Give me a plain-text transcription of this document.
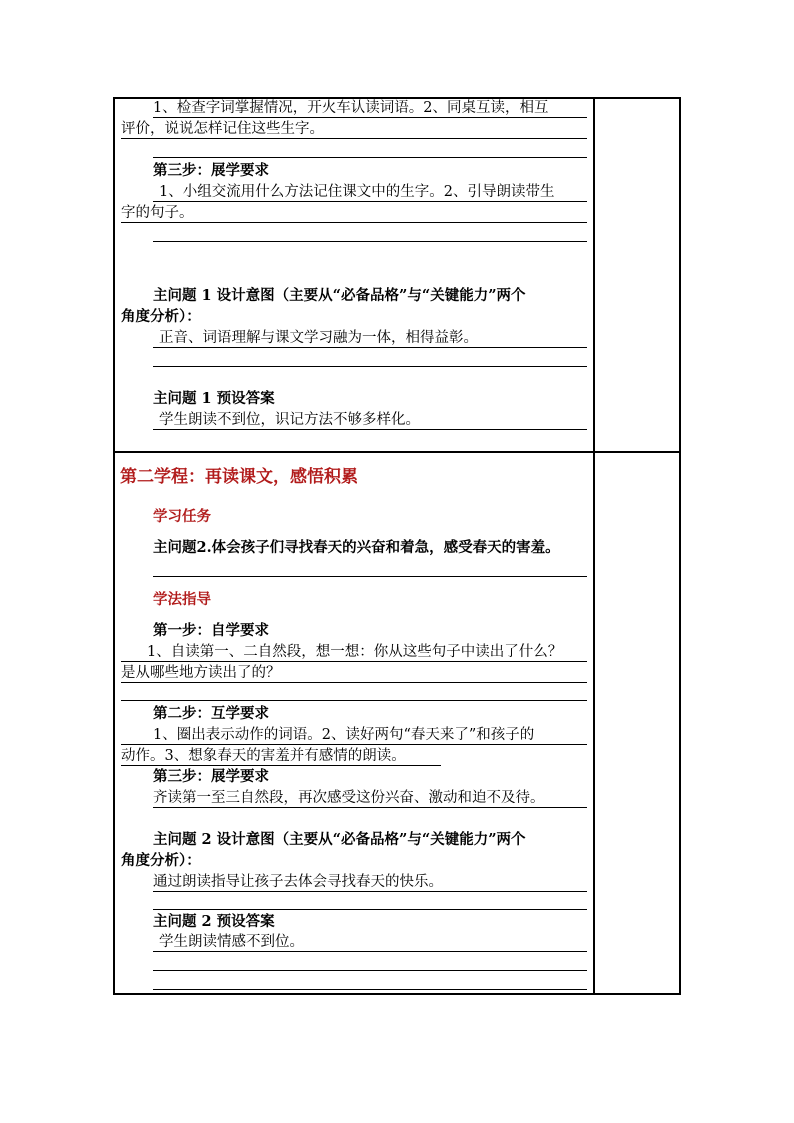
1、检查字词掌握情况，开火车认读词语。2、同桌互读，相互
评价，说说怎样记住这些生字。
第三步：展学要求
1、小组交流用什么方法记住课文中的生字。2、引导朗读带生
字的句子。
主问题 1 设计意图（主要从“必备品格”与“关键能力”两个
角度分析）：
正音、词语理解与课文学习融为一体，相得益彰。
主问题 1 预设答案
学生朗读不到位，识记方法不够多样化。
第二学程：再读课文，感悟积累
学习任务
主问题2.体会孩子们寻找春天的兴奋和着急，感受春天的害羞。
学法指导
第一步：自学要求
1、自读第一、二自然段，想一想：你从这些句子中读出了什么？
是从哪些地方读出了的？
第二步：互学要求
1、圈出表示动作的词语。2、读好两句“春天来了”和孩子的
动作。3、想象春天的害羞并有感情的朗读。
第三步：展学要求
齐读第一至三自然段，再次感受这份兴奋、激动和迫不及待。
主问题 2 设计意图（主要从“必备品格”与“关键能力”两个
角度分析）：
通过朗读指导让孩子去体会寻找春天的快乐。
主问题 2 预设答案
学生朗读情感不到位。
